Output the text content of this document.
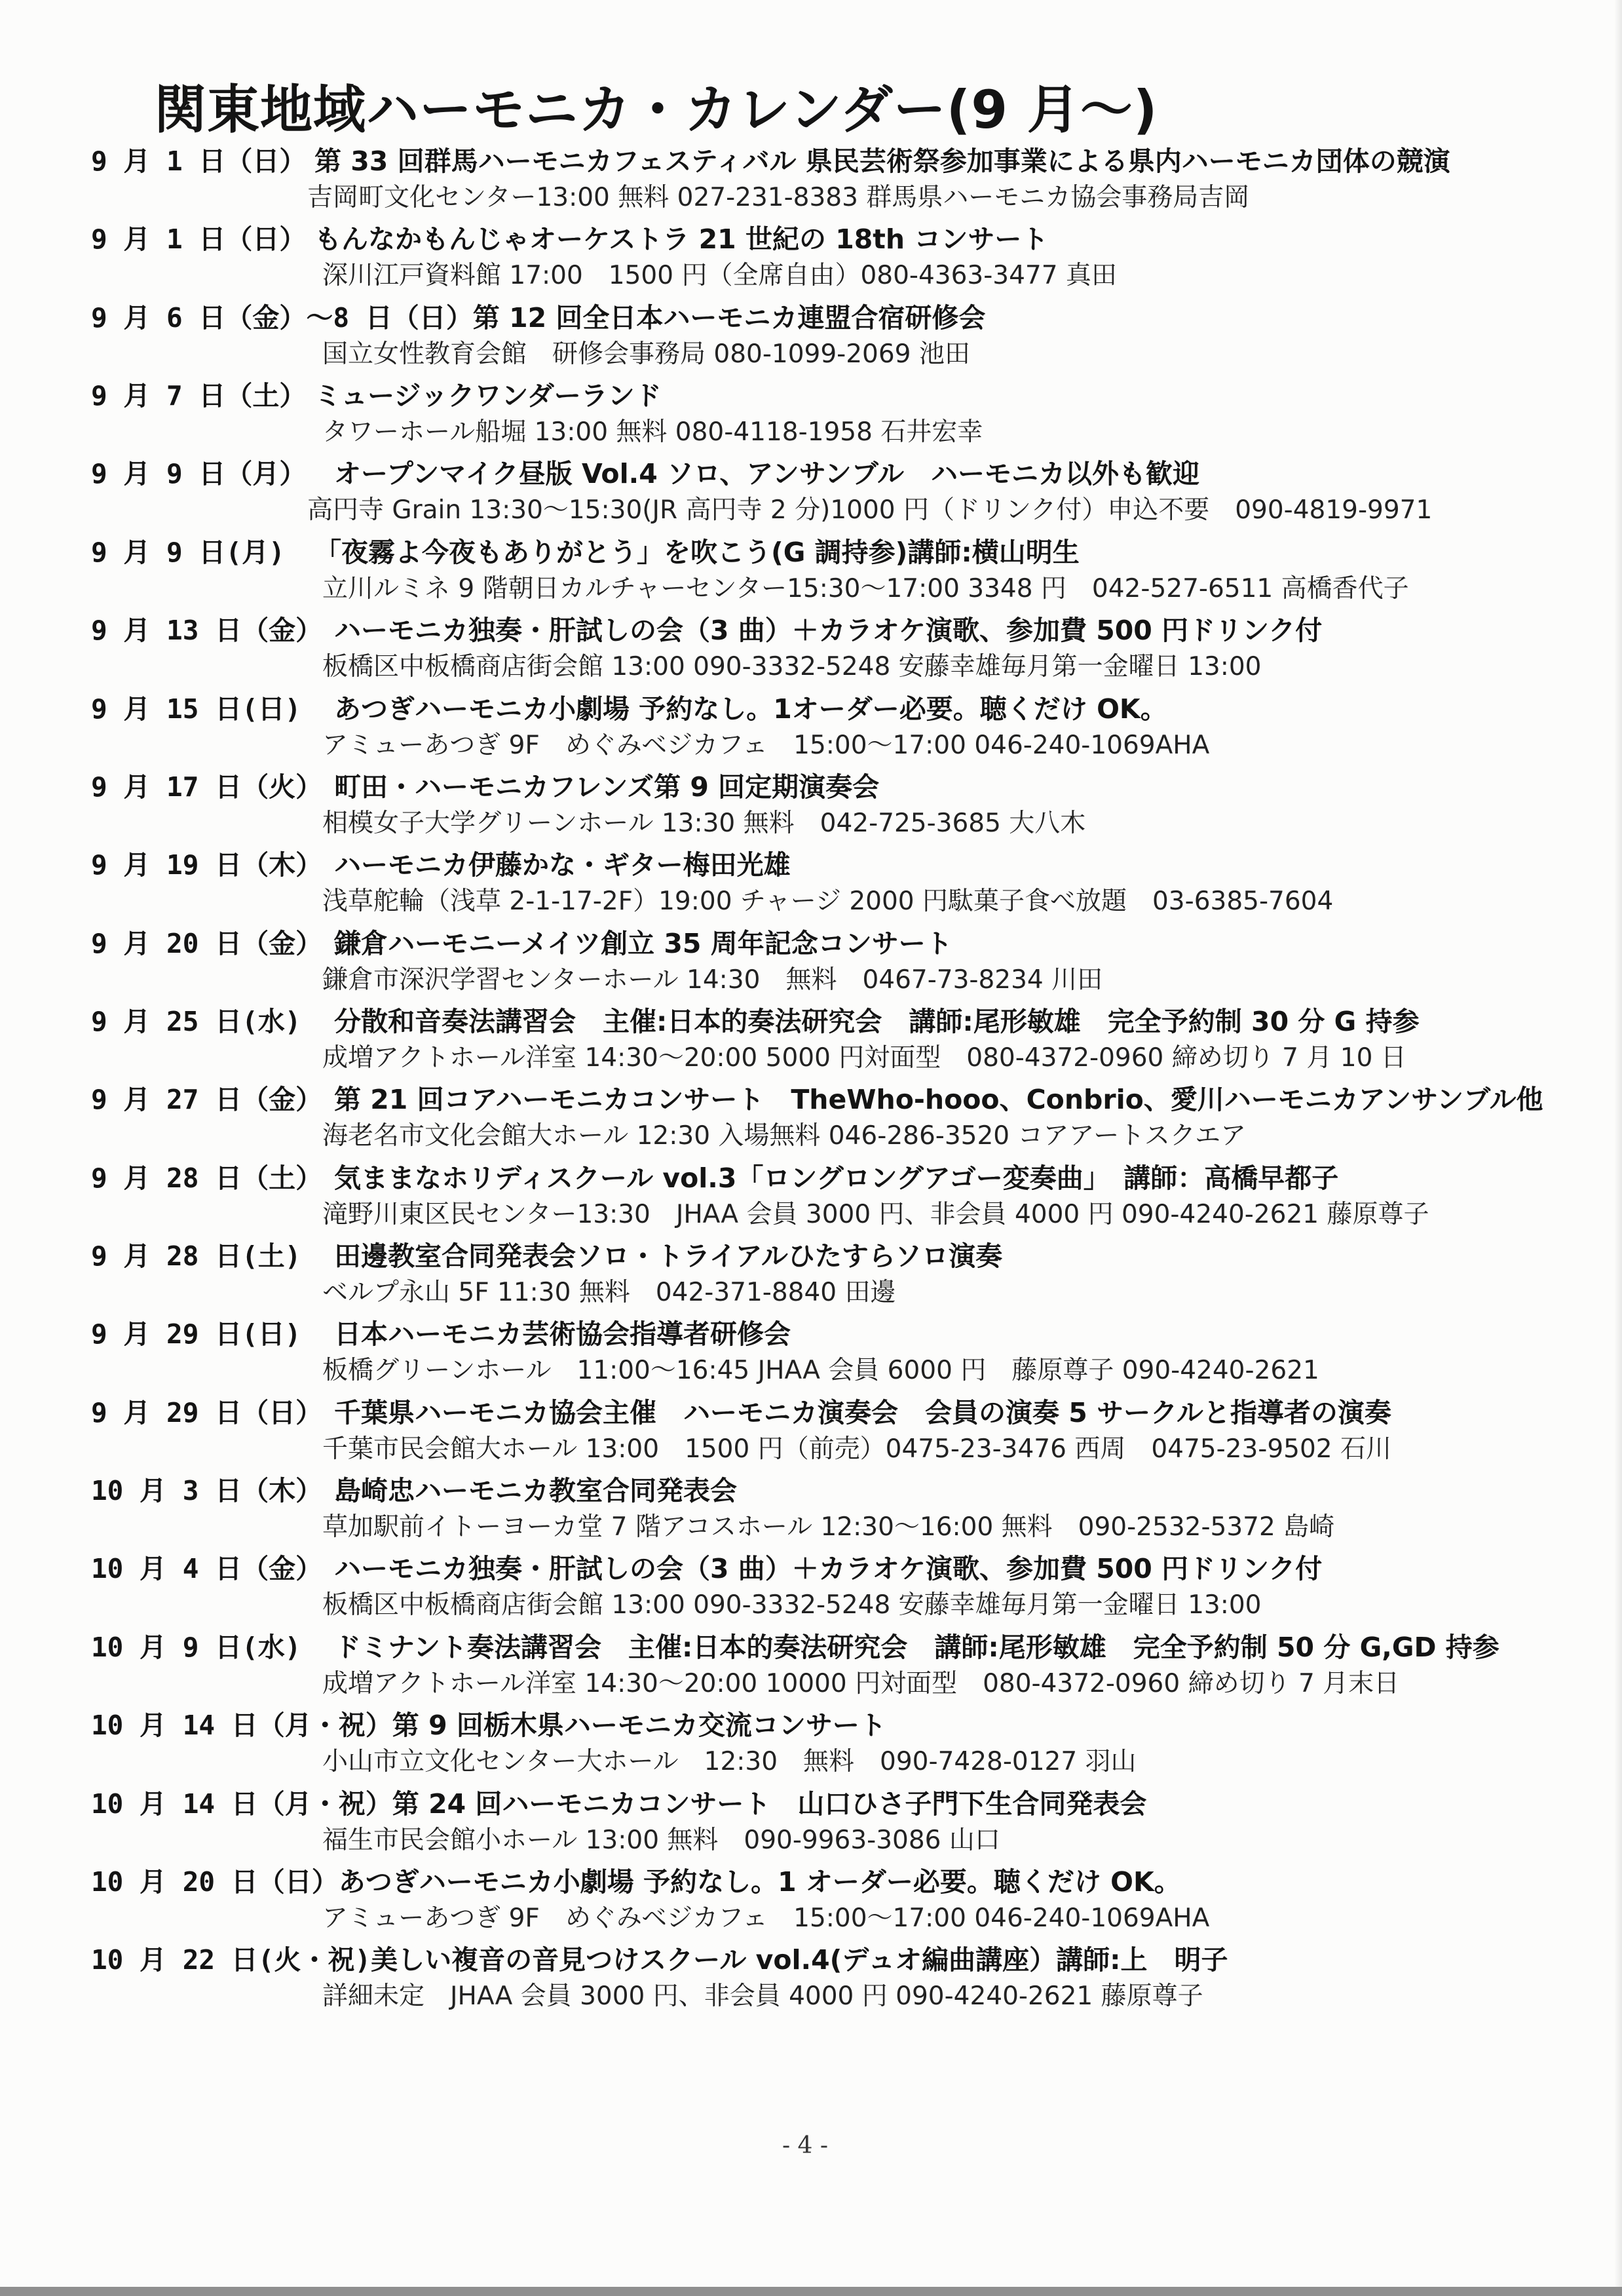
関東地域ハーモニカ・カレンダー(9 月～)
9 月 1 日（日） 第 33 回群馬ハーモニカフェスティバル 県民芸術祭参加事業による県内ハーモニカ団体の競演
吉岡町文化センター13:00 無料 027-231-8383 群馬県ハーモニカ協会事務局吉岡
9 月 1 日（日） もんなかもんじゃオーケストラ 21 世紀の 18th コンサート
深川江戸資料館 17:00　1500 円（全席自由）080-4363-3477 真田
9 月 6 日（金）～8 日（日）第 12 回全日本ハーモニカ連盟合宿研修会
国立女性教育会館　研修会事務局 080-1099-2069 池田
9 月 7 日（土） ミュージックワンダーランド
タワーホール船堀 13:00 無料 080-4118-1958 石井宏幸
9 月 9 日（月） オープンマイク昼版 Vol.4 ソロ、アンサンブル　ハーモニカ以外も歓迎
高円寺 Grain 13:30～15:30(JR 高円寺 2 分)1000 円（ドリンク付）申込不要　090-4819-9971
9 月 9 日(月) 「夜霧よ今夜もありがとう」を吹こう(G 調持参)講師:横山明生
立川ルミネ 9 階朝日カルチャーセンター15:30～17:00 3348 円　042-527-6511 高橋香代子
9 月 13 日（金） ハーモニカ独奏・肝試しの会（3 曲）＋カラオケ演歌、参加費 500 円ドリンク付
板橋区中板橋商店街会館 13:00 090-3332-5248 安藤幸雄毎月第一金曜日 13:00
9 月 15 日(日) あつぎハーモニカ小劇場 予約なし。1オーダー必要。聴くだけ OK。
アミューあつぎ 9F　めぐみベジカフェ　15:00～17:00 046-240-1069AHA
9 月 17 日（火） 町田・ハーモニカフレンズ第 9 回定期演奏会
相模女子大学グリーンホール 13:30 無料　042-725-3685 大八木
9 月 19 日（木） ハーモニカ伊藤かな・ギター梅田光雄
浅草舵輪（浅草 2-1-17-2F）19:00 チャージ 2000 円駄菓子食べ放題　03-6385-7604
9 月 20 日（金） 鎌倉ハーモニーメイツ創立 35 周年記念コンサート
鎌倉市深沢学習センターホール 14:30　無料　0467-73-8234 川田
9 月 25 日(水) 分散和音奏法講習会　主催:日本的奏法研究会　講師:尾形敏雄　完全予約制 30 分 G 持参
成増アクトホール洋室 14:30～20:00 5000 円対面型　080-4372-0960 締め切り 7 月 10 日
9 月 27 日（金） 第 21 回コアハーモニカコンサート　TheWho-hooo、Conbrio、愛川ハーモニカアンサンブル他
海老名市文化会館大ホール 12:30 入場無料 046-286-3520 コアアートスクエア
9 月 28 日（土） 気ままなホリディスクール vol.3「ロングロングアゴー変奏曲」　講師：高橋早都子
滝野川東区民センター13:30　JHAA 会員 3000 円、非会員 4000 円 090-4240-2621 藤原尊子
9 月 28 日(土) 田邊教室合同発表会ソロ・トライアルひたすらソロ演奏
ベルプ永山 5F 11:30 無料　042-371-8840 田邊
9 月 29 日(日) 日本ハーモニカ芸術協会指導者研修会
板橋グリーンホール　11:00～16:45 JHAA 会員 6000 円　藤原尊子 090-4240-2621
9 月 29 日（日） 千葉県ハーモニカ協会主催　ハーモニカ演奏会　会員の演奏 5 サークルと指導者の演奏
千葉市民会館大ホール 13:00　1500 円（前売）0475-23-3476 西周　0475-23-9502 石川
10 月 3 日（木） 島崎忠ハーモニカ教室合同発表会
草加駅前イトーヨーカ堂 7 階アコスホール 12:30～16:00 無料　090-2532-5372 島崎
10 月 4 日（金） ハーモニカ独奏・肝試しの会（3 曲）＋カラオケ演歌、参加費 500 円ドリンク付
板橋区中板橋商店街会館 13:00 090-3332-5248 安藤幸雄毎月第一金曜日 13:00
10 月 9 日(水) ドミナント奏法講習会　主催:日本的奏法研究会　講師:尾形敏雄　完全予約制 50 分 G,GD 持参
成増アクトホール洋室 14:30～20:00 10000 円対面型　080-4372-0960 締め切り 7 月末日
10 月 14 日（月・祝）第 9 回栃木県ハーモニカ交流コンサート
小山市立文化センター大ホール　12:30　無料　090-7428-0127 羽山
10 月 14 日（月・祝）第 24 回ハーモニカコンサート　山口ひさ子門下生合同発表会
福生市民会館小ホール 13:00 無料　090-9963-3086 山口
10 月 20 日（日）あつぎハーモニカ小劇場 予約なし。1 オーダー必要。聴くだけ OK。
アミューあつぎ 9F　めぐみベジカフェ　15:00～17:00 046-240-1069AHA
10 月 22 日(火・祝)美しい複音の音見つけスクール vol.4(デュオ編曲講座）講師:上　明子
詳細未定　JHAA 会員 3000 円、非会員 4000 円 090-4240-2621 藤原尊子
- 4 -
